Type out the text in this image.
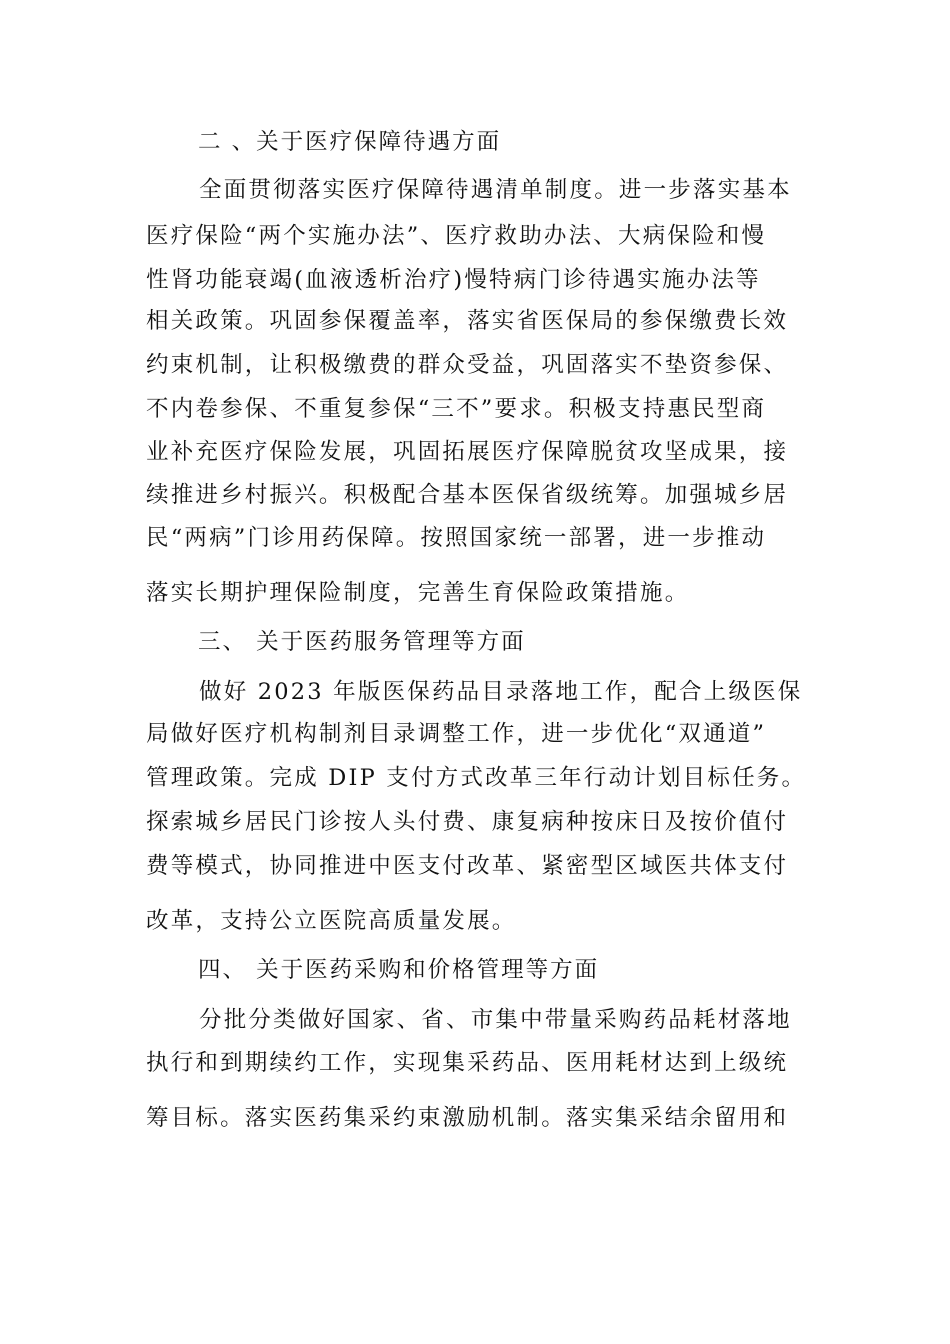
二 、关于医疗保障待遇方面
全面贯彻落实医疗保障待遇清单制度。进一步落实基本
医疗保险“两个实施办法”、医疗救助办法、大病保险和慢
性肾功能衰竭(血液透析治疗)慢特病门诊待遇实施办法等
相关政策。巩固参保覆盖率，落实省医保局的参保缴费长效
约束机制，让积极缴费的群众受益，巩固落实不垫资参保、
不内卷参保、不重复参保“三不”要求。积极支持惠民型商
业补充医疗保险发展，巩固拓展医疗保障脱贫攻坚成果，接
续推进乡村振兴。积极配合基本医保省级统筹。加强城乡居
民“两病”门诊用药保障。按照国家统一部署，进一步推动
落实长期护理保险制度，完善生育保险政策措施。
三、 关于医药服务管理等方面
做好 2023 年版医保药品目录落地工作，配合上级医保
局做好医疗机构制剂目录调整工作，进一步优化“双通道”
管理政策。完成 DIP 支付方式改革三年行动计划目标任务。
探索城乡居民门诊按人头付费、康复病种按床日及按价值付
费等模式，协同推进中医支付改革、紧密型区域医共体支付
改革，支持公立医院高质量发展。
四、 关于医药采购和价格管理等方面
分批分类做好国家、省、市集中带量采购药品耗材落地
执行和到期续约工作，实现集采药品、医用耗材达到上级统
筹目标。落实医药集采约束激励机制。落实集采结余留用和
